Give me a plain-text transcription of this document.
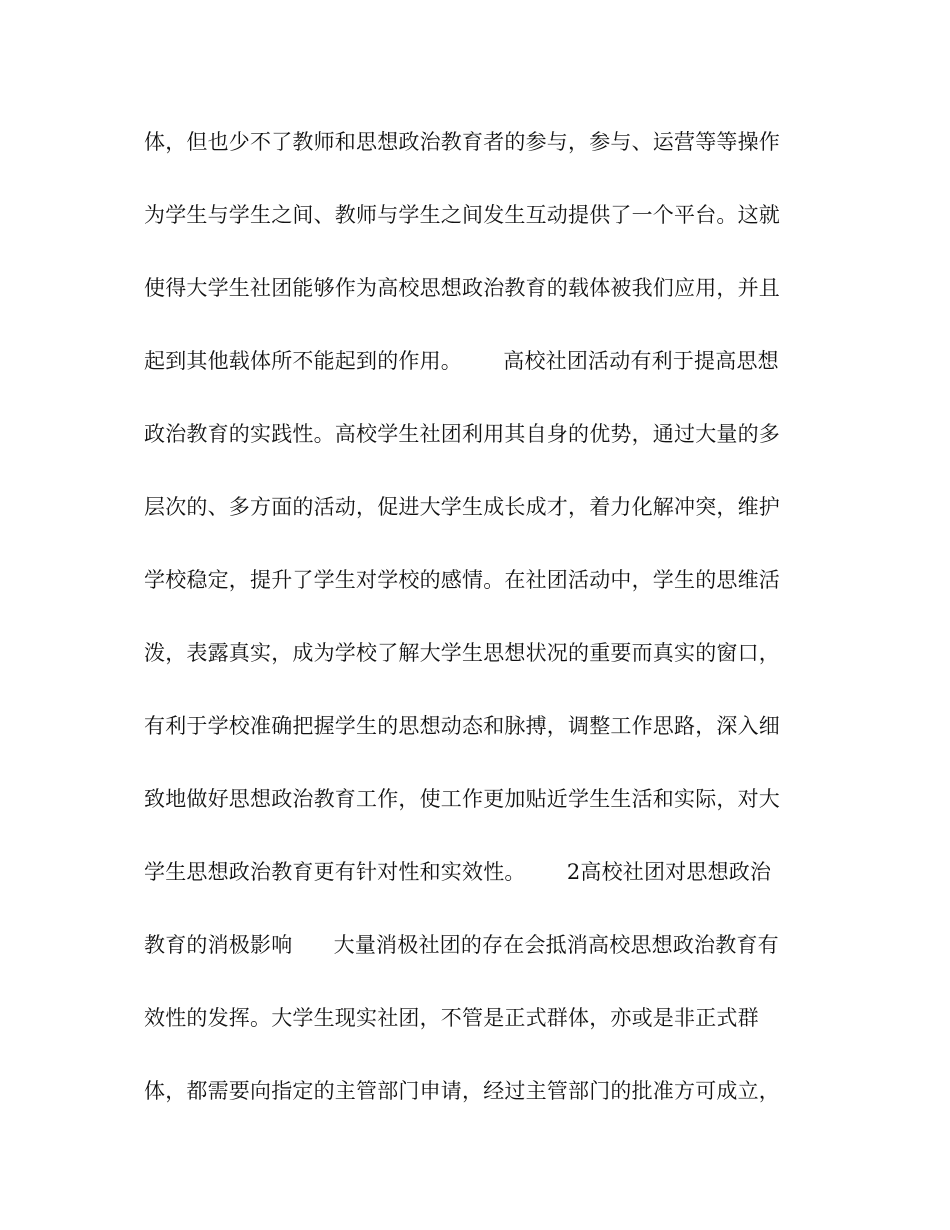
体，但也少不了教师和思想政治教育者的参与，参与、运营等等操作
为学生与学生之间、教师与学生之间发生互动提供了一个平台。这就
使得大学生社团能够作为高校思想政治教育的载体被我们应用，并且
起到其他载体所不能起到的作用。      高校社团活动有利于提高思想
政治教育的实践性。高校学生社团利用其自身的优势，通过大量的多
层次的、多方面的活动，促进大学生成长成才，着力化解冲突，维护
学校稳定，提升了学生对学校的感情。在社团活动中，学生的思维活
泼，表露真实，成为学校了解大学生思想状况的重要而真实的窗口，
有利于学校准确把握学生的思想动态和脉搏，调整工作思路，深入细
致地做好思想政治教育工作，使工作更加贴近学生生活和实际，对大
学生思想政治教育更有针对性和实效性。      2高校社团对思想政治
教育的消极影响      大量消极社团的存在会抵消高校思想政治教育有
效性的发挥。大学生现实社团，不管是正式群体，亦或是非正式群
体，都需要向指定的主管部门申请，经过主管部门的批准方可成立，
